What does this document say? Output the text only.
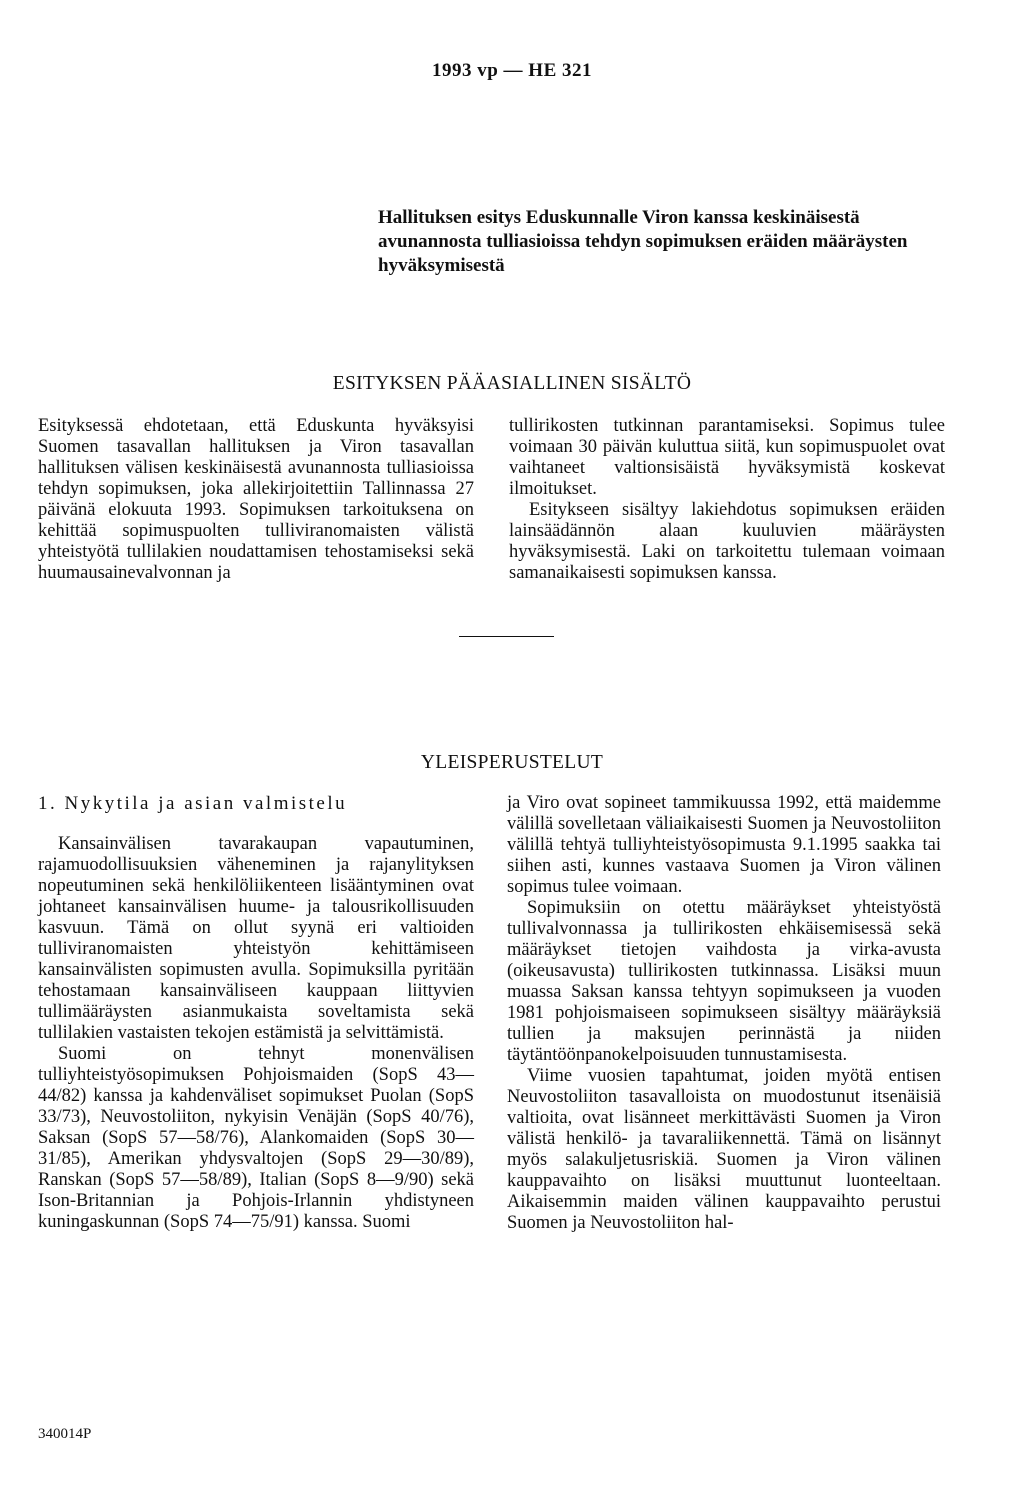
1993 vp — HE 321
Hallituksen esitys Eduskunnalle Viron kanssa keskinäisestä
avunannosta tulliasioissa tehdyn sopimuksen eräiden määräysten
hyväksymisestä
ESITYKSEN PÄÄASIALLINEN SISÄLTÖ

Esityksessä ehdotetaan, että Eduskunta hyväksyisi Suomen tasavallan hallituksen ja Viron tasavallan hallituksen välisen keskinäisestä avunannosta tulliasioissa tehdyn sopimuksen, joka allekirjoitettiin Tallinnassa 27 päivänä elokuuta 1993. Sopimuksen tarkoituksena on kehittää sopimuspuolten tulliviranomaisten välistä yhteistyötä tullilakien noudattamisen tehostamiseksi sekä huumausainevalvonnan ja

tullirikosten tutkinnan parantamiseksi. Sopimus tulee voimaan 30 päivän kuluttua siitä, kun sopimuspuolet ovat vaihtaneet valtionsisäistä hyväksymistä koskevat ilmoitukset.

Esitykseen sisältyy lakiehdotus sopimuksen eräiden lainsäädännön alaan kuuluvien määräysten hyväksymisestä. Laki on tarkoitettu tulemaan voimaan samanaikaisesti sopimuksen kanssa.

YLEISPERUSTELUT
1. Nykytila ja asian valmistelu

Kansainvälisen tavarakaupan vapautuminen, rajamuodollisuuksien väheneminen ja rajanylityksen nopeutuminen sekä henkilöliikenteen lisääntyminen ovat johtaneet kansainvälisen huume- ja talousrikollisuuden kasvuun. Tämä on ollut syynä eri valtioiden tulliviranomaisten yhteistyön kehittämiseen kansainvälisten sopimusten avulla. Sopimuksilla pyritään tehostamaan kansainväliseen kauppaan liittyvien tullimääräysten asianmukaista soveltamista sekä tullilakien vastaisten tekojen estämistä ja selvittämistä.

Suomi on tehnyt monenvälisen tulliyhteistyösopimuksen Pohjoismaiden (SopS 43—44/82) kanssa ja kahdenväliset sopimukset Puolan (SopS 33/73), Neuvostoliiton, nykyisin Venäjän (SopS 40/76), Saksan (SopS 57—58/76), Alankomaiden (SopS 30—31/85), Amerikan yhdysvaltojen (SopS 29—30/89), Ranskan (SopS 57—58/89), Italian (SopS 8—9/90) sekä Ison-Britannian ja Pohjois-Irlannin yhdistyneen kuningaskunnan (SopS 74—75/91) kanssa. Suomi

ja Viro ovat sopineet tammikuussa 1992, että maidemme välillä sovelletaan väliaikaisesti Suomen ja Neuvostoliiton välillä tehtyä tulliyhteistyösopimusta 9.1.1995 saakka tai siihen asti, kunnes vastaava Suomen ja Viron välinen sopimus tulee voimaan.

Sopimuksiin on otettu määräykset yhteistyöstä tullivalvonnassa ja tullirikosten ehkäisemisessä sekä määräykset tietojen vaihdosta ja virka-avusta (oikeusavusta) tullirikosten tutkinnassa. Lisäksi muun muassa Saksan kanssa tehtyyn sopimukseen ja vuoden 1981 pohjoismaiseen sopimukseen sisältyy määräyksiä tullien ja maksujen perinnästä ja niiden täytäntöönpanokelpoisuuden tunnustamisesta.

Viime vuosien tapahtumat, joiden myötä entisen Neuvostoliiton tasavalloista on muodostunut itsenäisiä valtioita, ovat lisänneet merkittävästi Suomen ja Viron välistä henkilö- ja tavaraliikennettä. Tämä on lisännyt myös salakuljetusriskiä. Suomen ja Viron välinen kauppavaihto on lisäksi muuttunut luonteeltaan. Aikaisemmin maiden välinen kauppavaihto perustui Suomen ja Neuvostoliiton hal-

340014P
